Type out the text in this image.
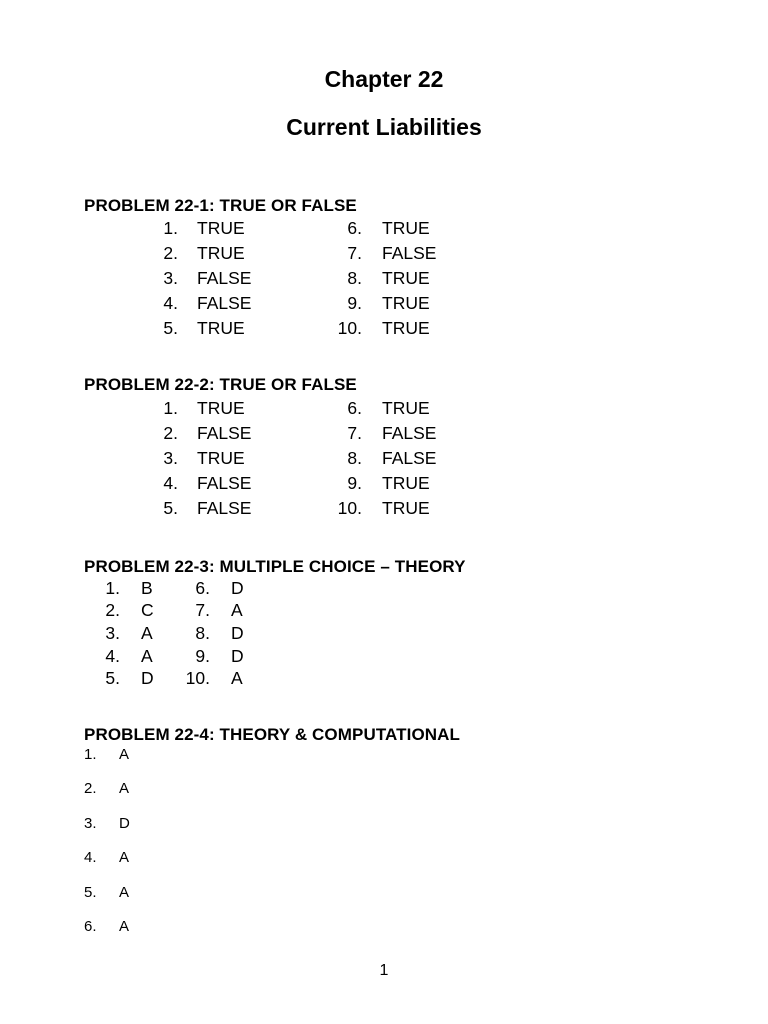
Chapter 22
Current Liabilities
PROBLEM 22-1: TRUE OR FALSE
1. TRUE
2. TRUE
3. FALSE
4. FALSE
5. TRUE
6. TRUE
7. FALSE
8. TRUE
9. TRUE
10. TRUE
PROBLEM 22-2: TRUE OR FALSE
1. TRUE
2. FALSE
3. TRUE
4. FALSE
5. FALSE
6. TRUE
7. FALSE
8. FALSE
9. TRUE
10. TRUE
PROBLEM 22-3: MULTIPLE CHOICE – THEORY
1. B
2. C
3. A
4. A
5. D
6. D
7. A
8. D
9. D
10. A
PROBLEM 22-4: THEORY & COMPUTATIONAL
1. A
2. A
3. D
4. A
5. A
6. A
1
